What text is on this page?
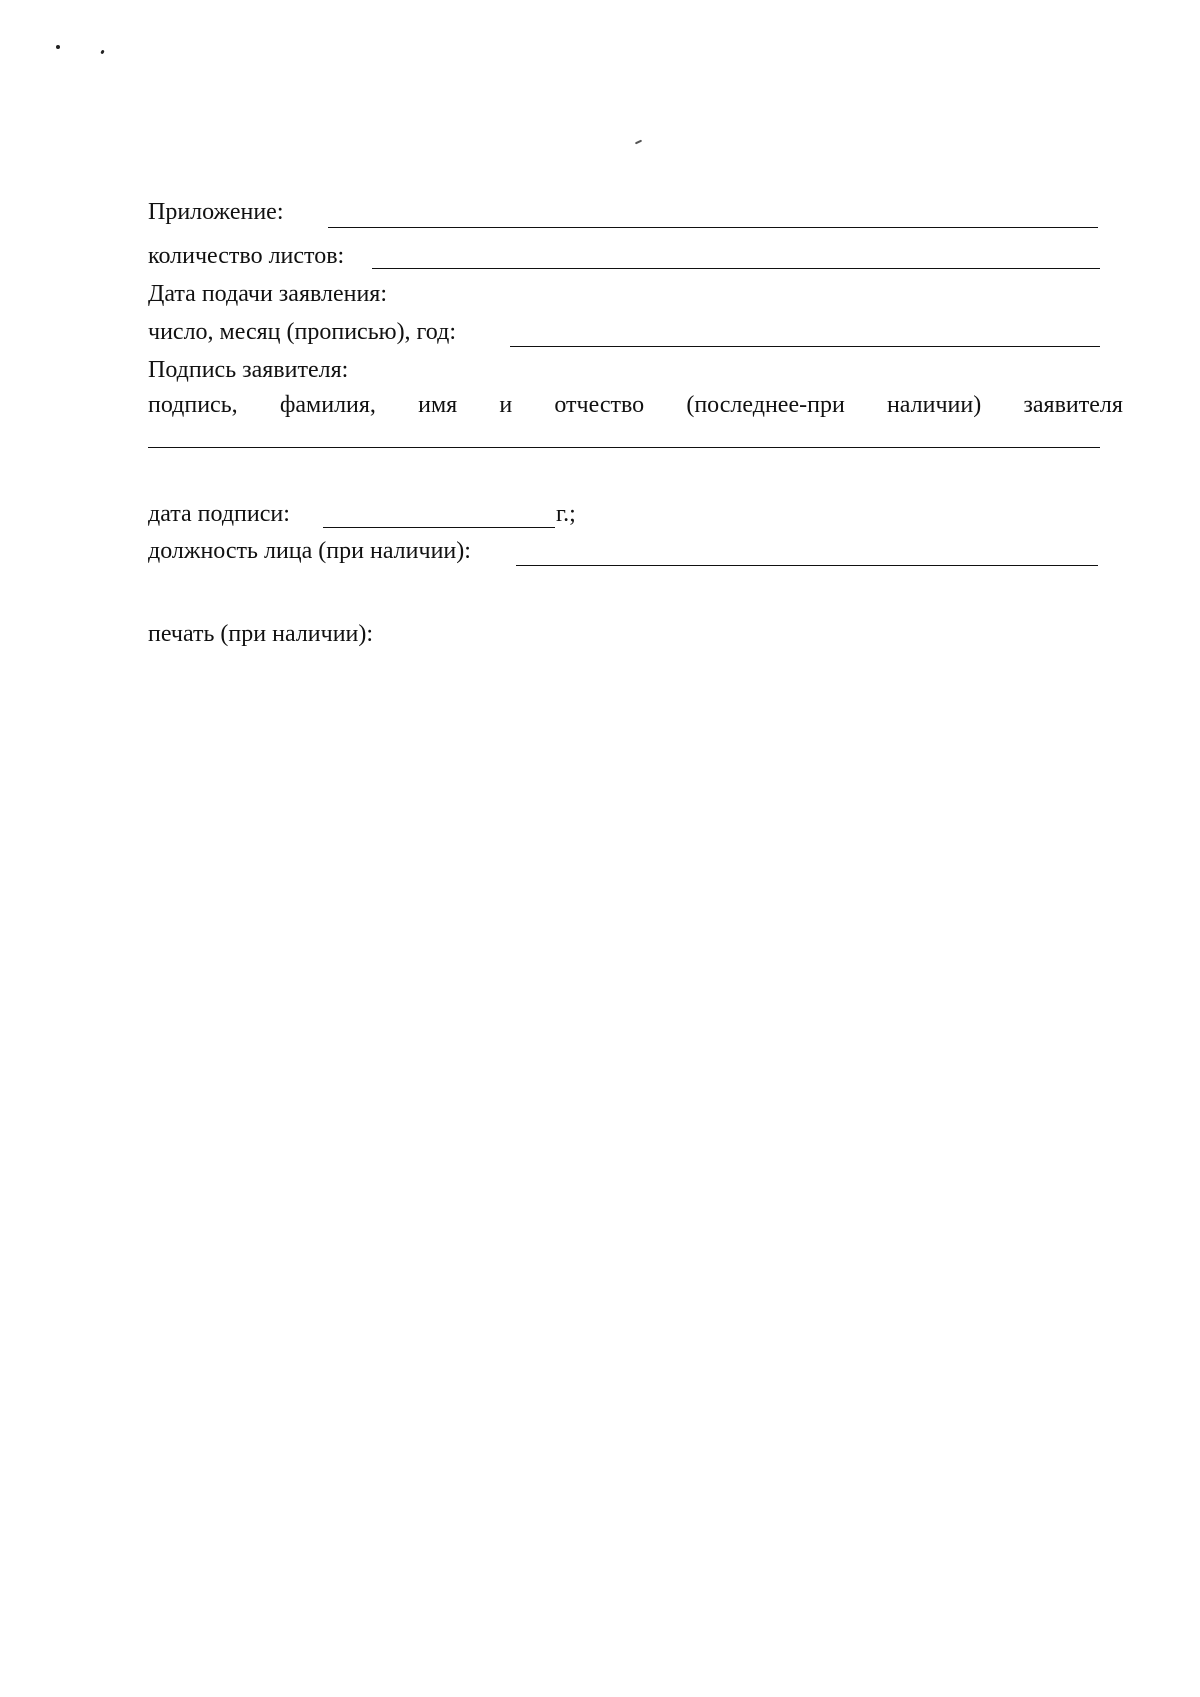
Приложение:
количество листов:
Дата подачи заявления:
число, месяц (прописью), год:
Подпись заявителя:
подпись, фамилия, имя и отчество (последнее-при наличии) заявителя
дата подписи:	г.;
должность лица (при наличии):
печать (при наличии):
